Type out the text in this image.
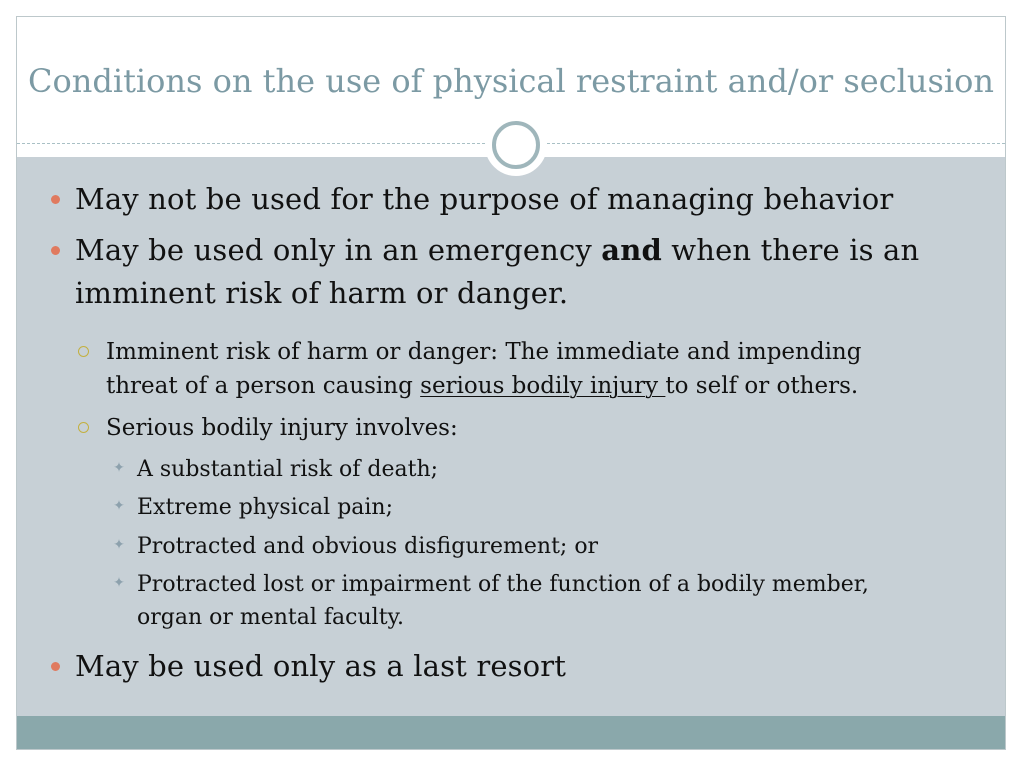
Conditions on the use of physical restraint and/or seclusion
May not be used for the purpose of managing behavior
May be used only in an emergency and when there is an
imminent risk of harm or danger.
Imminent risk of harm or danger: The immediate and impending
threat of a person causing serious bodily injury to self or others.
Serious bodily injury involves:
✦ A substantial risk of death;
✦ Extreme physical pain;
✦ Protracted and obvious disfigurement; or
✦ Protracted lost or impairment of the function of a bodily member,
organ or mental faculty.
May be used only as a last resort
